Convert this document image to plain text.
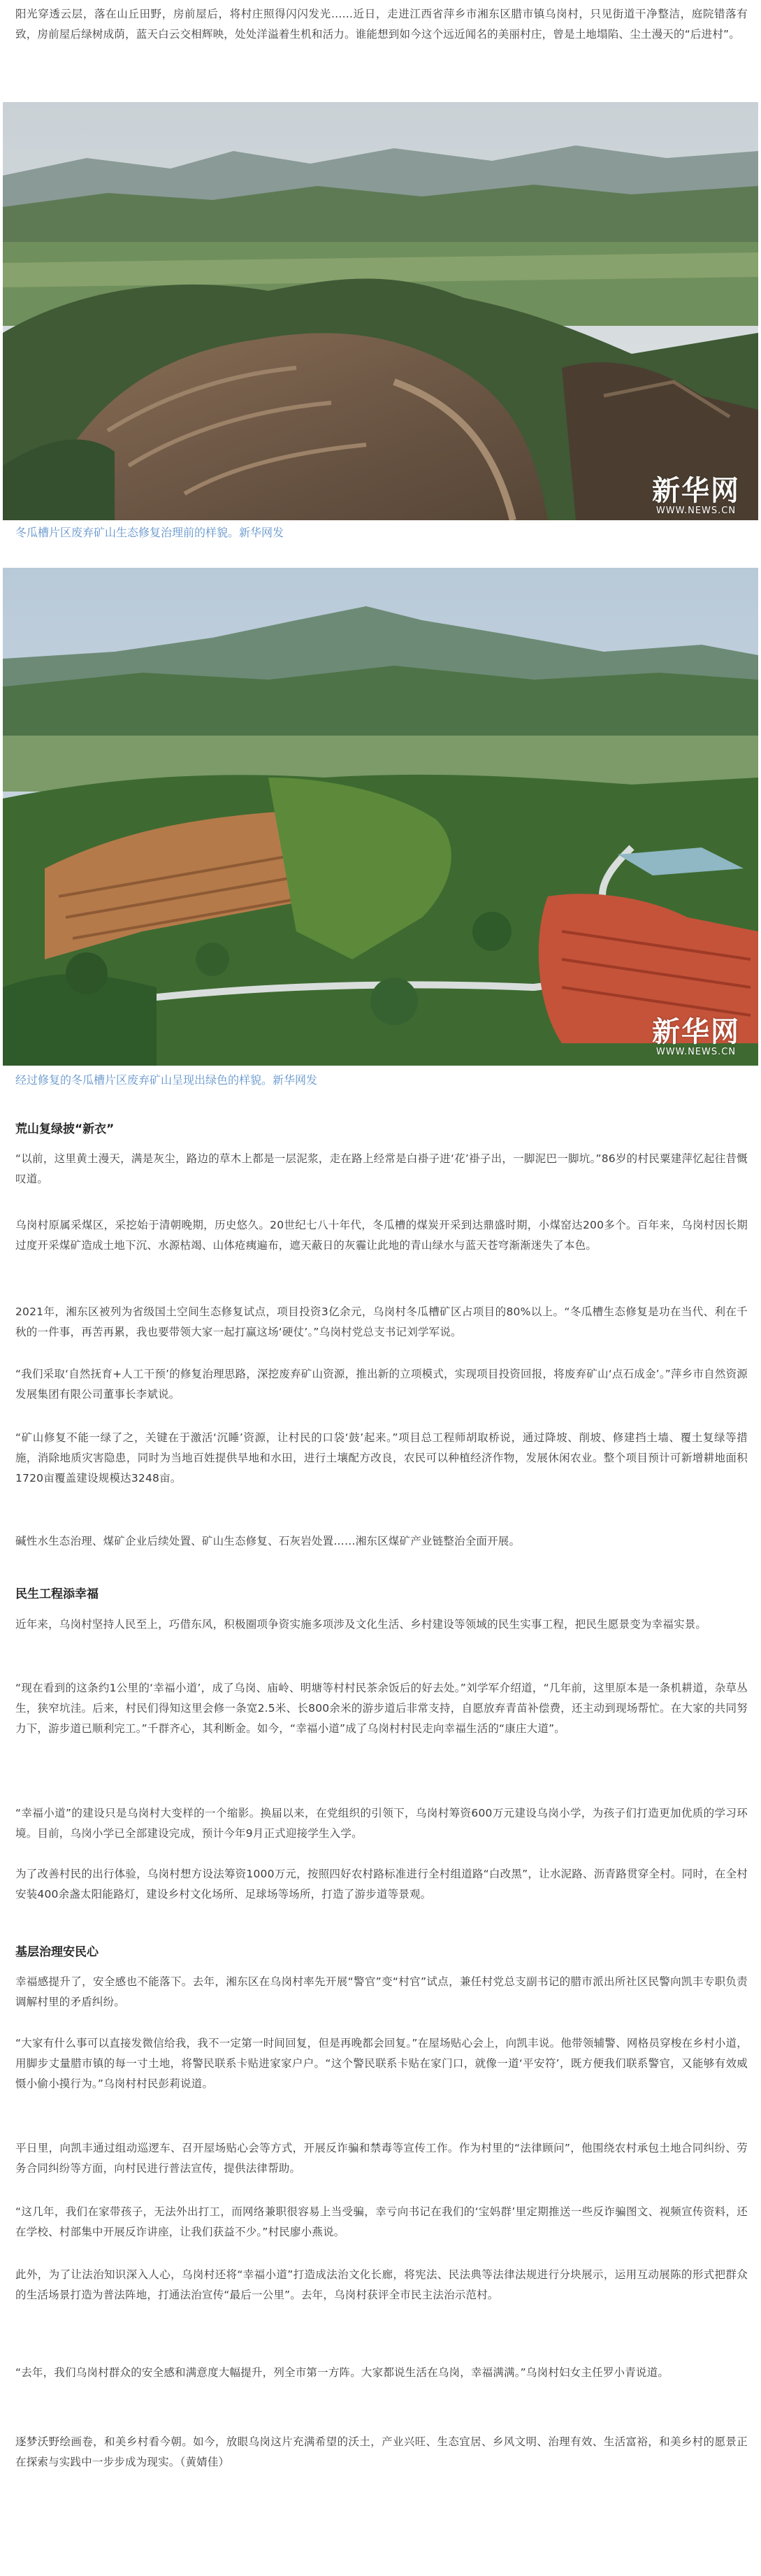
阳光穿透云层，落在山丘田野，房前屋后，将村庄照得闪闪发光……近日，走进江西省萍乡市湘东区腊市镇乌岗村，只见街道干净整洁，庭院错落有致，房前屋后绿树成荫，蓝天白云交相辉映，处处洋溢着生机和活力。谁能想到如今这个远近闻名的美丽村庄，曾是土地塌陷、尘土漫天的“后进村”。

新华网
WWW.NEWS.CN
冬瓜槽片区废弃矿山生态修复治理前的样貌。新华网发
新华网
WWW.NEWS.CN
经过修复的冬瓜槽片区废弃矿山呈现出绿色的样貌。新华网发
荒山复绿披“新衣”

“以前，这里黄土漫天，满是灰尘，路边的草木上都是一层泥浆，走在路上经常是白褂子进‘花’褂子出，一脚泥巴一脚坑。”86岁的村民粟建萍忆起往昔慨叹道。

乌岗村原属采煤区，采挖始于清朝晚期，历史悠久。20世纪七八十年代，冬瓜槽的煤炭开采到达鼎盛时期，小煤窑达200多个。百年来，乌岗村因长期过度开采煤矿造成土地下沉、水源枯竭、山体疮痍遍布，遮天蔽日的灰霾让此地的青山绿水与蓝天苍穹渐渐迷失了本色。

2021年，湘东区被列为省级国土空间生态修复试点，项目投资3亿余元，乌岗村冬瓜槽矿区占项目的80%以上。“冬瓜槽生态修复是功在当代、利在千秋的一件事，再苦再累，我也要带领大家一起打赢这场‘硬仗’。”乌岗村党总支书记刘学军说。

“我们采取‘自然抚育+人工干预’的修复治理思路，深挖废弃矿山资源，推出新的立项模式，实现项目投资回报，将废弃矿山‘点石成金’。”萍乡市自然资源发展集团有限公司董事长李斌说。

“矿山修复不能一绿了之，关键在于激活‘沉睡’资源，让村民的口袋‘鼓’起来。”项目总工程师胡取桥说，通过降坡、削坡、修建挡土墙、覆土复绿等措施，消除地质灾害隐患，同时为当地百姓提供旱地和水田，进行土壤配方改良，农民可以种植经济作物，发展休闲农业。整个项目预计可新增耕地面积1720亩覆盖建设规模达3248亩。

碱性水生态治理、煤矿企业后续处置、矿山生态修复、石灰岩处置……湘东区煤矿产业链整治全面开展。

民生工程添幸福

近年来，乌岗村坚持人民至上，巧借东风，积极圈项争资实施多项涉及文化生活、乡村建设等领域的民生实事工程，把民生愿景变为幸福实景。

“现在看到的这条约1公里的‘幸福小道’，成了乌岗、庙岭、明塘等村村民茶余饭后的好去处。”刘学军介绍道，“几年前，这里原本是一条机耕道，杂草丛生，狭窄坑洼。后来，村民们得知这里会修一条宽2.5米、长800余米的游步道后非常支持，自愿放弃青苗补偿费，还主动到现场帮忙。在大家的共同努力下，游步道已顺利完工。”千群齐心，其利断金。如今，“幸福小道”成了乌岗村村民走向幸福生活的“康庄大道”。

“幸福小道”的建设只是乌岗村大变样的一个缩影。换届以来，在党组织的引领下，乌岗村筹资600万元建设乌岗小学，为孩子们打造更加优质的学习环境。目前，乌岗小学已全部建设完成，预计今年9月正式迎接学生入学。

为了改善村民的出行体验，乌岗村想方设法筹资1000万元，按照四好农村路标准进行全村组道路“白改黑”，让水泥路、沥青路贯穿全村。同时，在全村安装400余盏太阳能路灯，建设乡村文化场所、足球场等场所，打造了游步道等景观。

基层治理安民心

幸福感提升了，安全感也不能落下。去年，湘东区在乌岗村率先开展“警官”变“村官”试点，兼任村党总支副书记的腊市派出所社区民警向凯丰专职负责调解村里的矛盾纠纷。

“大家有什么事可以直接发微信给我，我不一定第一时间回复，但是再晚都会回复。”在屋场贴心会上，向凯丰说。他带领辅警、网格员穿梭在乡村小道，用脚步丈量腊市镇的每一寸土地，将警民联系卡贴进家家户户。“这个警民联系卡贴在家门口，就像一道‘平安符’，既方便我们联系警官，又能够有效威慑小偷小摸行为。”乌岗村村民彭莉说道。

平日里，向凯丰通过组动巡逻车、召开屋场贴心会等方式，开展反诈骗和禁毒等宣传工作。作为村里的“法律顾问”，他围绕农村承包土地合同纠纷、劳务合同纠纷等方面，向村民进行普法宣传，提供法律帮助。

“这几年，我们在家带孩子，无法外出打工，而网络兼职很容易上当受骗，幸亏向书记在我们的‘宝妈群’里定期推送一些反诈骗图文、视频宣传资料，还在学校、村部集中开展反诈讲座，让我们获益不少。”村民廖小燕说。

此外，为了让法治知识深入人心，乌岗村还将“幸福小道”打造成法治文化长廊，将宪法、民法典等法律法规进行分块展示，运用互动展陈的形式把群众的生活场景打造为普法阵地，打通法治宣传“最后一公里”。去年，乌岗村获评全市民主法治示范村。

“去年，我们乌岗村群众的安全感和满意度大幅提升，列全市第一方阵。大家都说生活在乌岗，幸福满满。”乌岗村妇女主任罗小青说道。

逐梦沃野绘画卷，和美乡村看今朝。如今，放眼乌岗这片充满希望的沃土，产业兴旺、生态宜居、乡风文明、治理有效、生活富裕，和美乡村的愿景正在探索与实践中一步步成为现实。（黄婧佳）
